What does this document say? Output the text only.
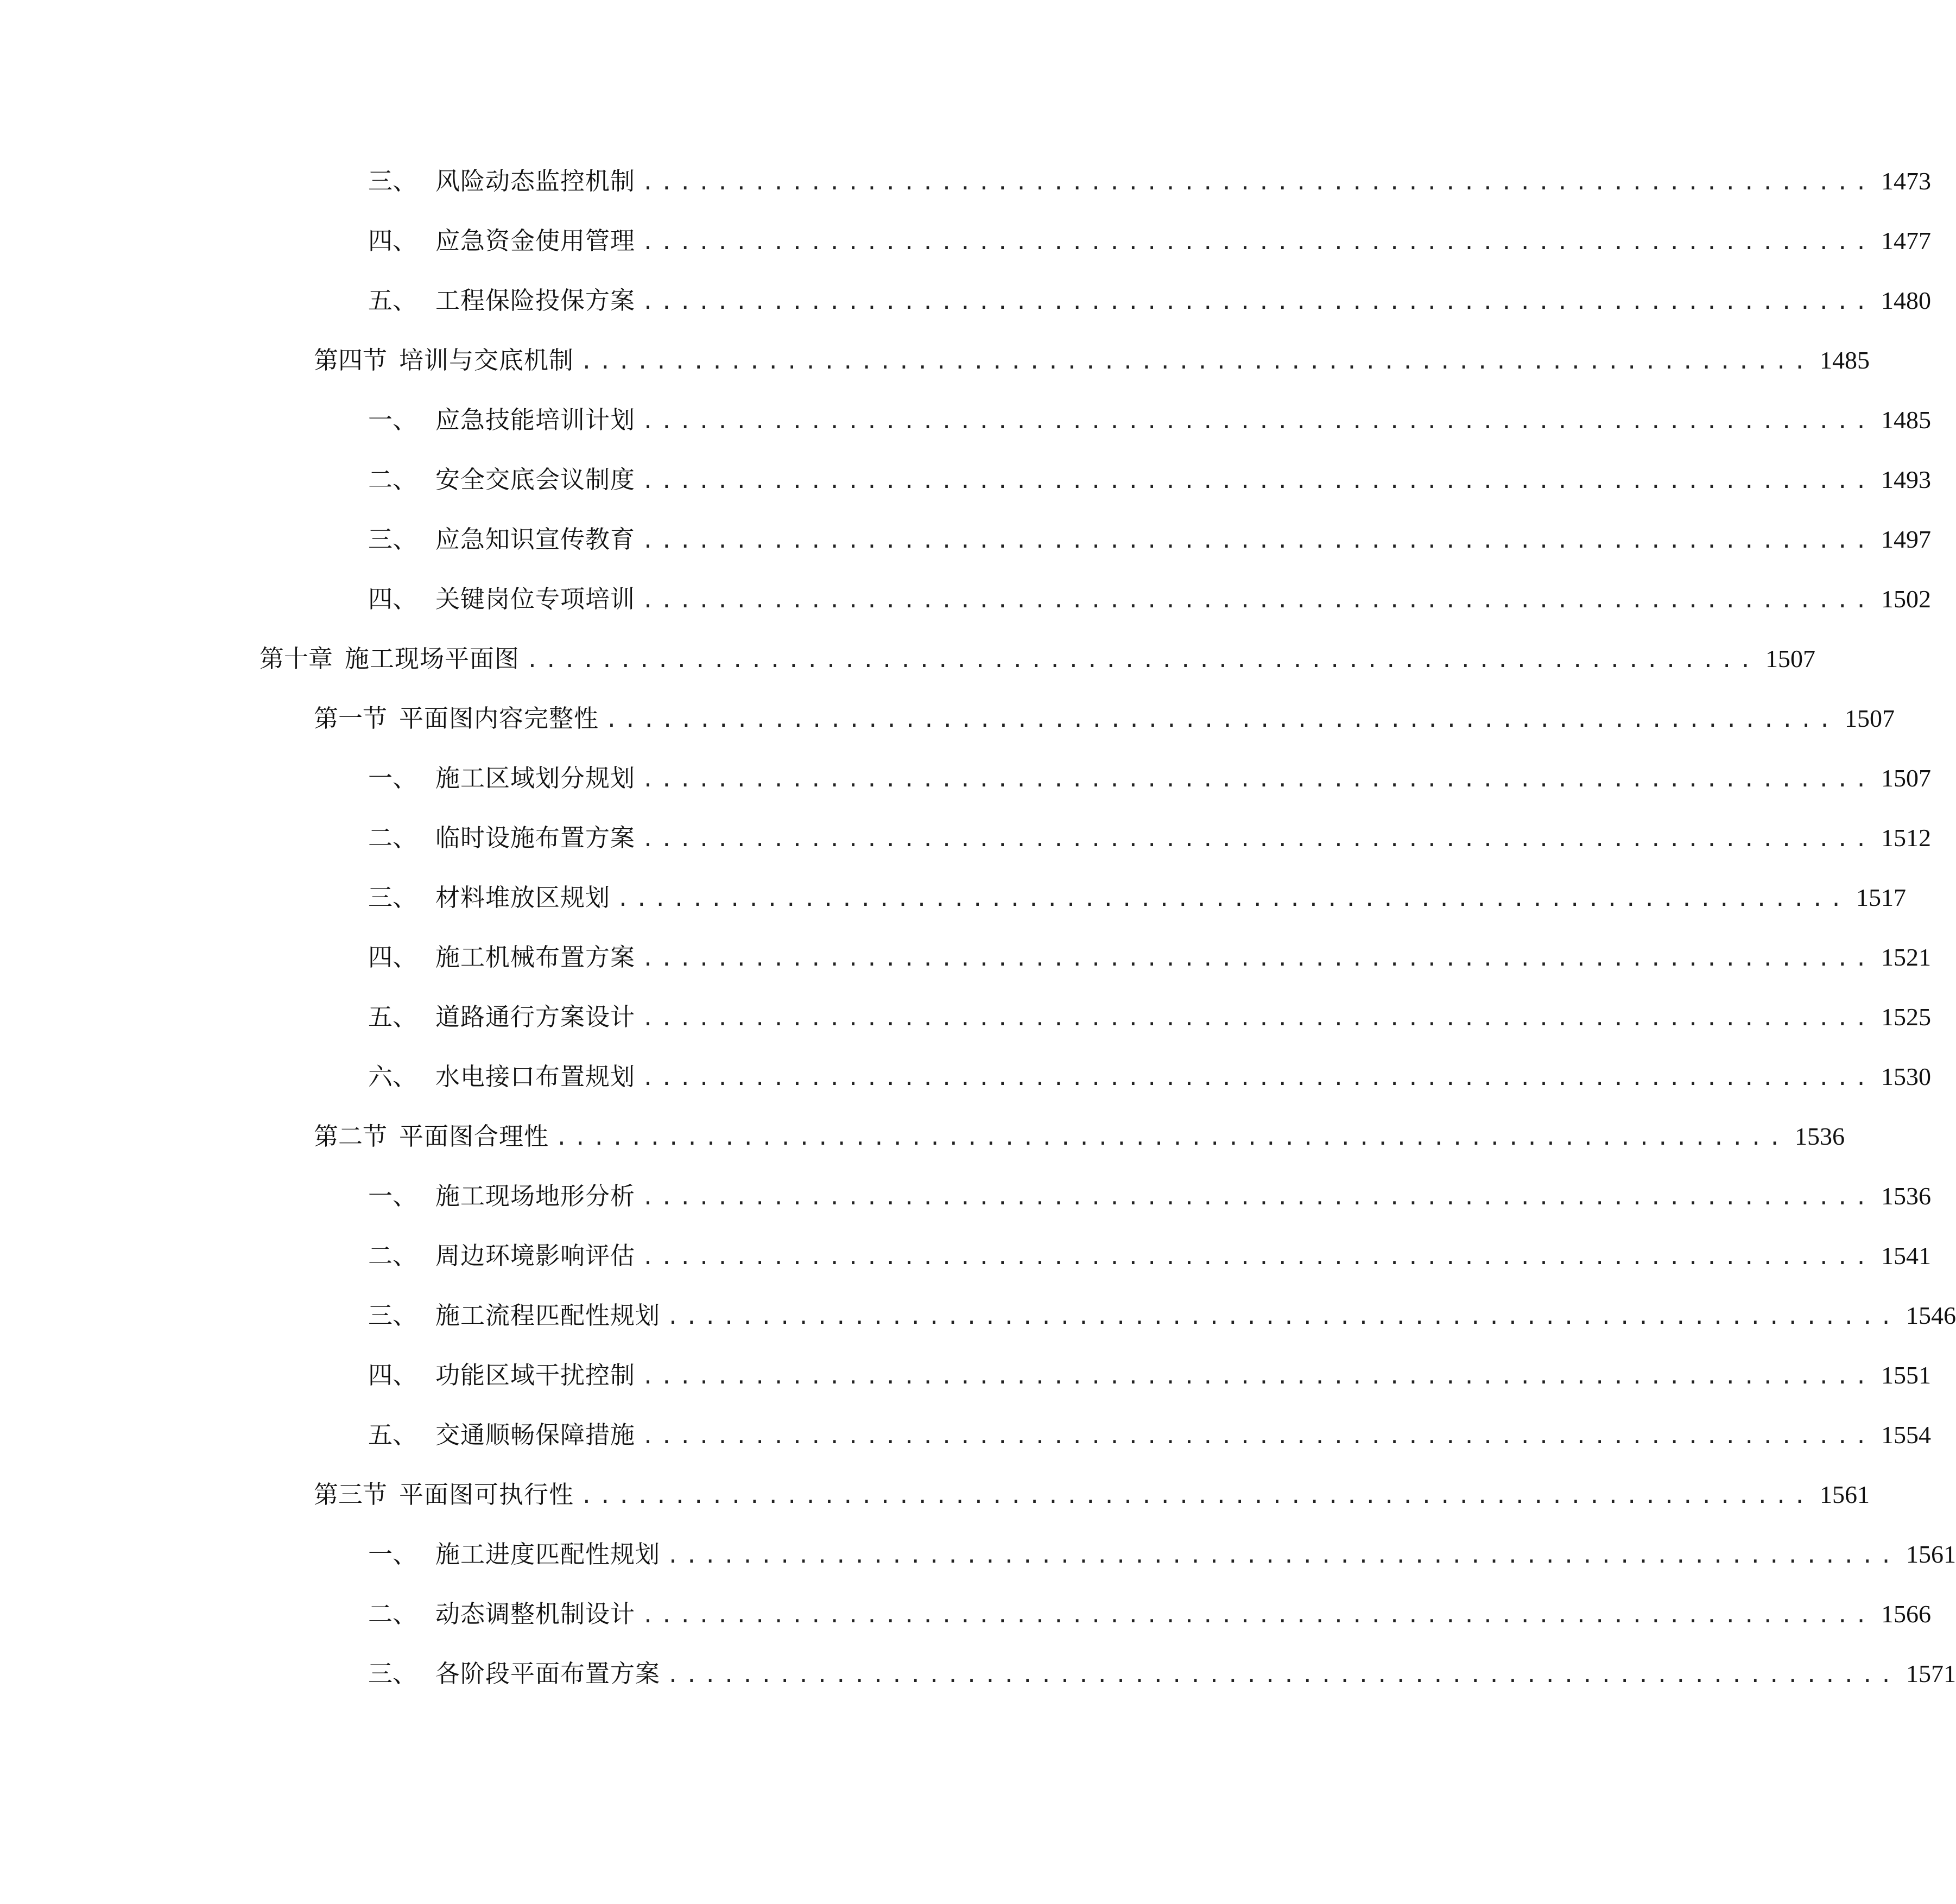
三、 风险动态监控机制 .................................................................. 1473
四、 应急资金使用管理 .................................................................. 1477
五、 工程保险投保方案 .................................................................. 1480
第四节 培训与交底机制 .................................................................. 1485
一、 应急技能培训计划 .................................................................. 1485
二、 安全交底会议制度 .................................................................. 1493
三、 应急知识宣传教育 .................................................................. 1497
四、 关键岗位专项培训 .................................................................. 1502
第十章 施工现场平面图 .................................................................. 1507
第一节 平面图内容完整性 .................................................................. 1507
一、 施工区域划分规划 .................................................................. 1507
二、 临时设施布置方案 .................................................................. 1512
三、 材料堆放区规划 .................................................................. 1517
四、 施工机械布置方案 .................................................................. 1521
五、 道路通行方案设计 .................................................................. 1525
六、 水电接口布置规划 .................................................................. 1530
第二节 平面图合理性 .................................................................. 1536
一、 施工现场地形分析 .................................................................. 1536
二、 周边环境影响评估 .................................................................. 1541
三、 施工流程匹配性规划 .................................................................. 1546
四、 功能区域干扰控制 .................................................................. 1551
五、 交通顺畅保障措施 .................................................................. 1554
第三节 平面图可执行性 .................................................................. 1561
一、 施工进度匹配性规划 .................................................................. 1561
二、 动态调整机制设计 .................................................................. 1566
三、 各阶段平面布置方案 .................................................................. 1571
